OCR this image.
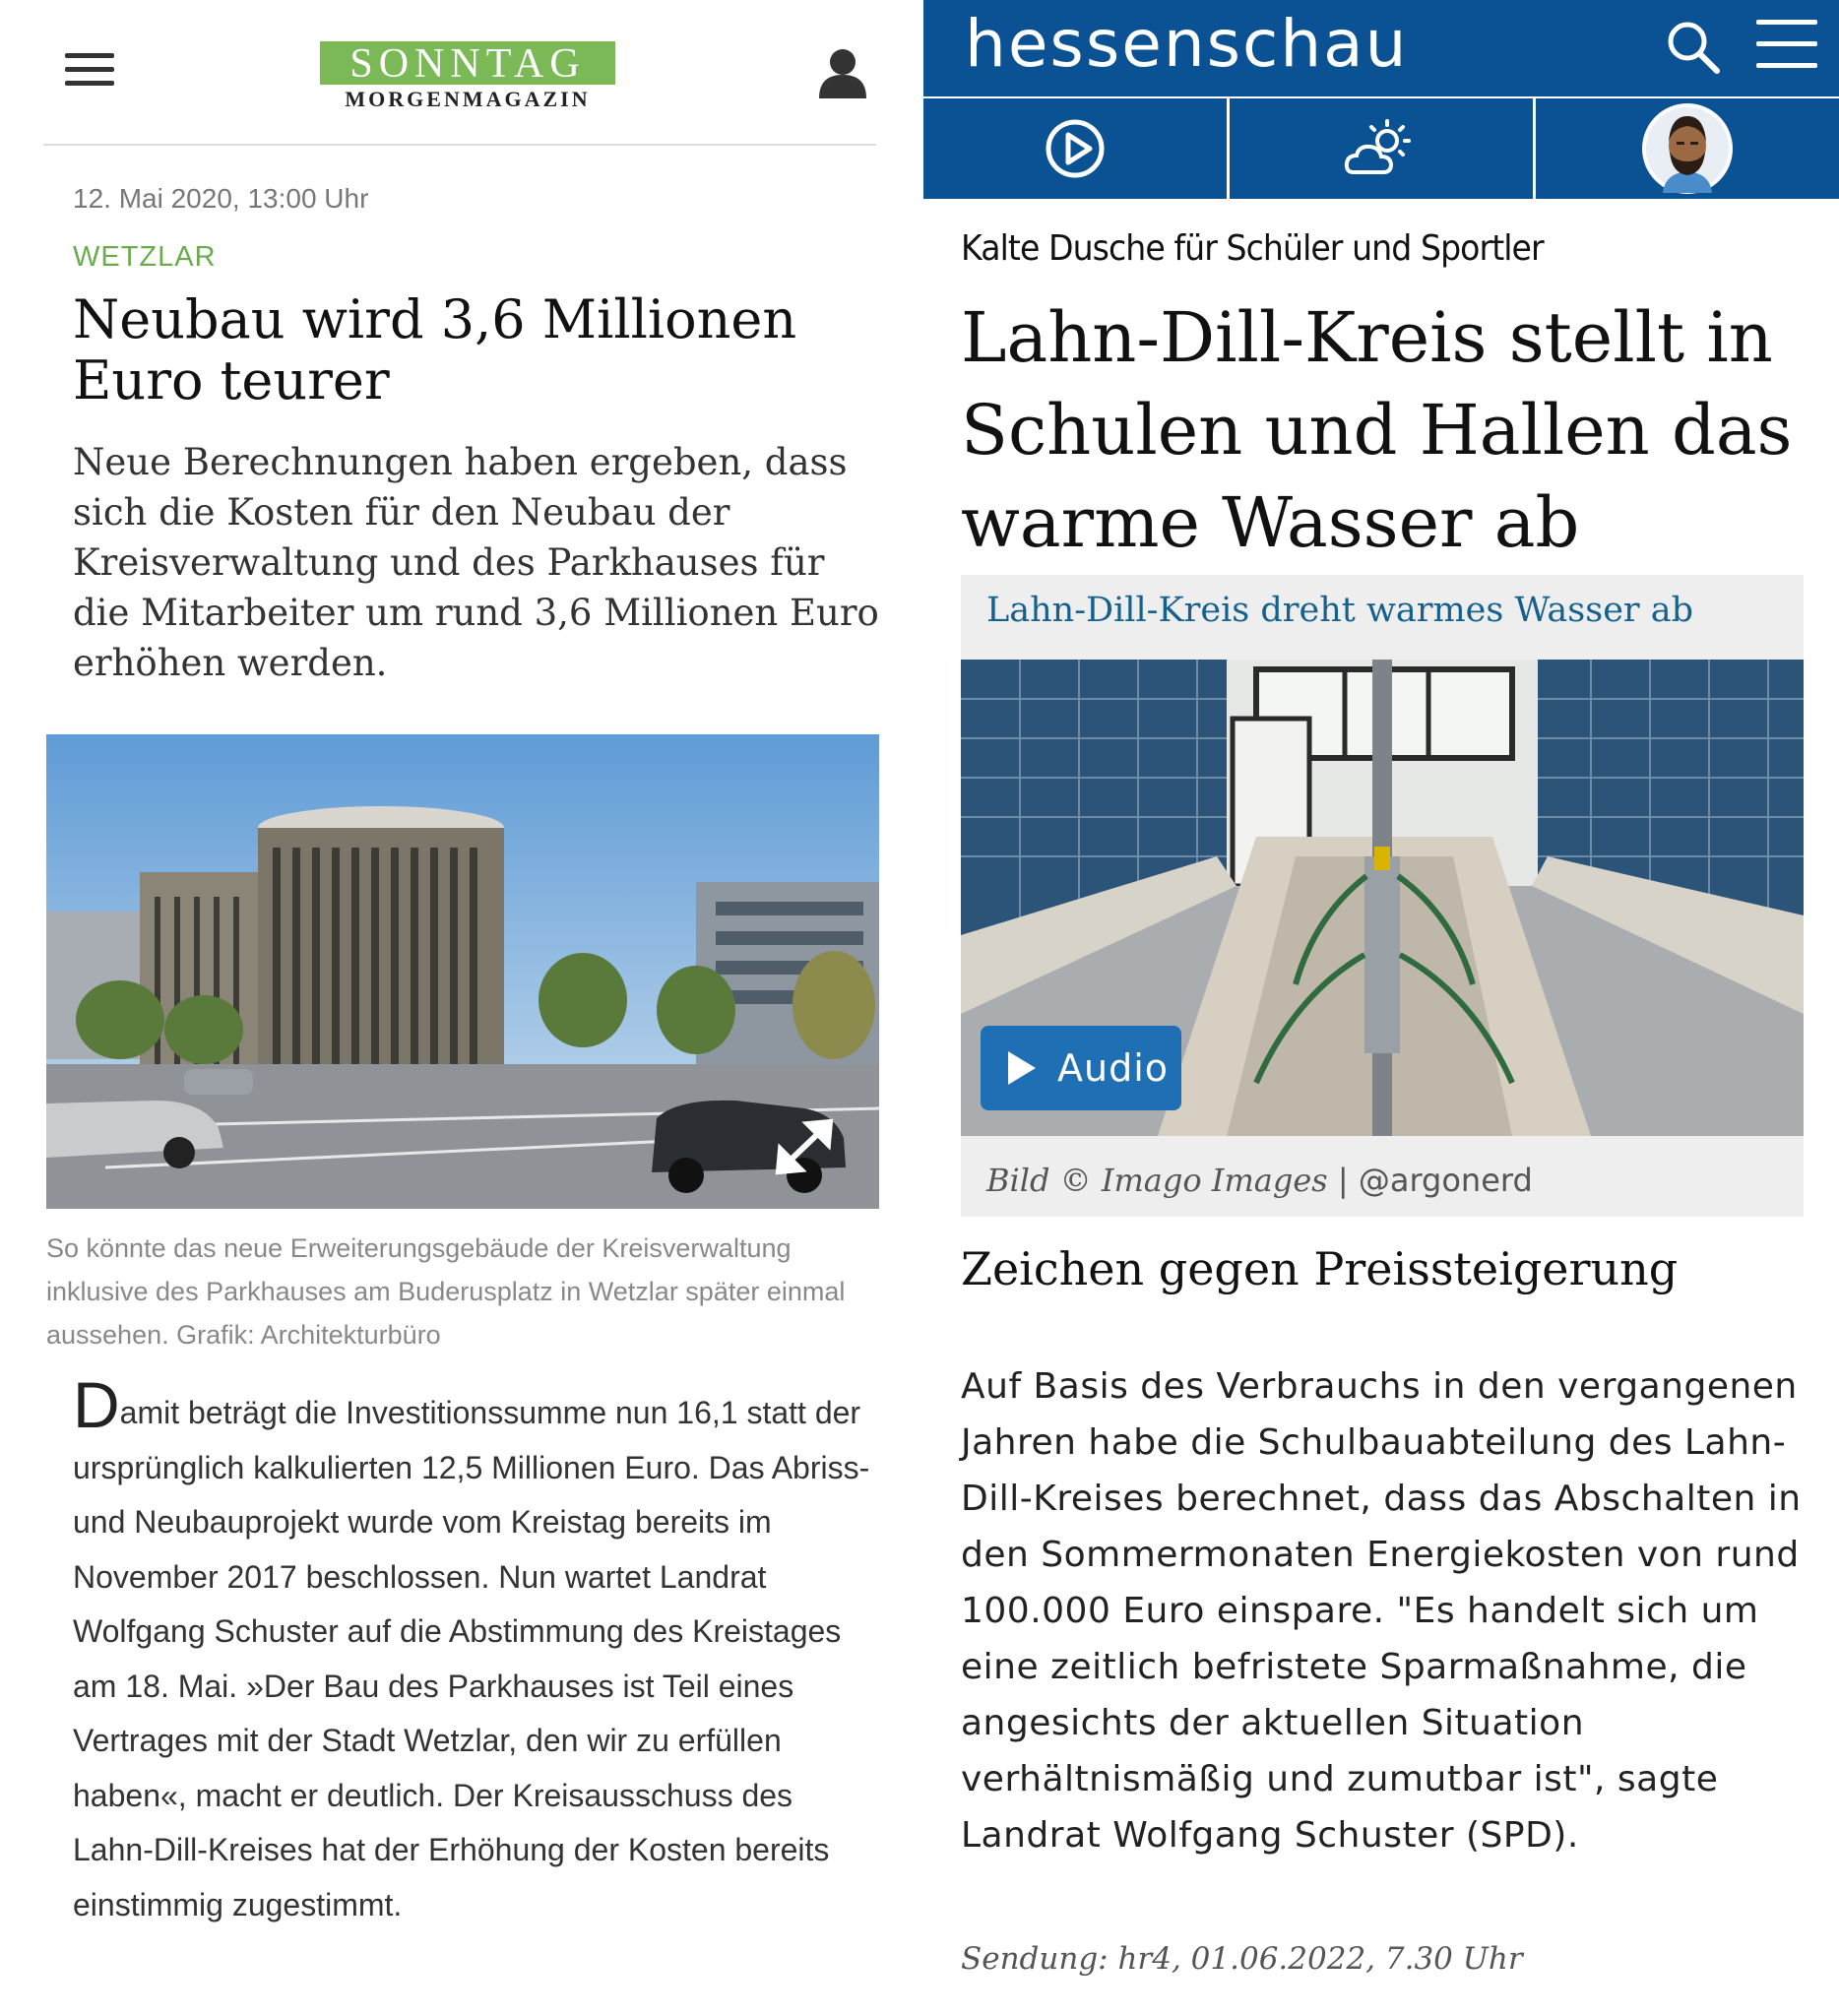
SONNTAG
MORGENMAGAZIN
12. Mai 2020, 13:00 Uhr
WETZLAR
Neubau wird 3,6 Millionen Euro teurer

Neue Berechnungen haben ergeben, dass sich die Kosten für den Neubau der Kreisverwaltung und des Parkhauses für die Mitarbeiter um rund 3,6 Millionen Euro erhöhen werden.

So könnte das neue Erweiterungsgebäude der Kreisverwaltung inklusive des Parkhauses am Buderusplatz in Wetzlar später einmal aussehen. Grafik: Architekturbüro

Damit beträgt die Investitionssumme nun 16,1 statt der ursprünglich kalkulierten 12,5 Millionen Euro. Das Abriss- und Neubauprojekt wurde vom Kreistag bereits im November 2017 beschlossen. Nun wartet Landrat Wolfgang Schuster auf die Abstimmung des Kreistages am 18. Mai. »Der Bau des Parkhauses ist Teil eines Vertrages mit der Stadt Wetzlar, den wir zu erfüllen haben«, macht er deutlich. Der Kreisausschuss des Lahn-Dill-Kreises hat der Erhöhung der Kosten bereits einstimmig zugestimmt.

hessenschau
Kalte Dusche für Schüler und Sportler
Lahn-Dill-Kreis stellt in Schulen und Hallen das warme Wasser ab
Lahn-Dill-Kreis dreht warmes Wasser ab
Audio
Bild © Imago Images | @argonerd
Zeichen gegen Preissteigerung

Auf Basis des Verbrauchs in den vergangenen Jahren habe die Schulbauabteilung des Lahn-Dill-Kreises berechnet, dass das Abschalten in den Sommermonaten Energiekosten von rund 100.000 Euro einspare. "Es handelt sich um eine zeitlich befristete Sparmaßnahme, die angesichts der aktuellen Situation verhältnismäßig und zumutbar ist", sagte Landrat Wolfgang Schuster (SPD).

Sendung: hr4, 01.06.2022, 7.30 Uhr
